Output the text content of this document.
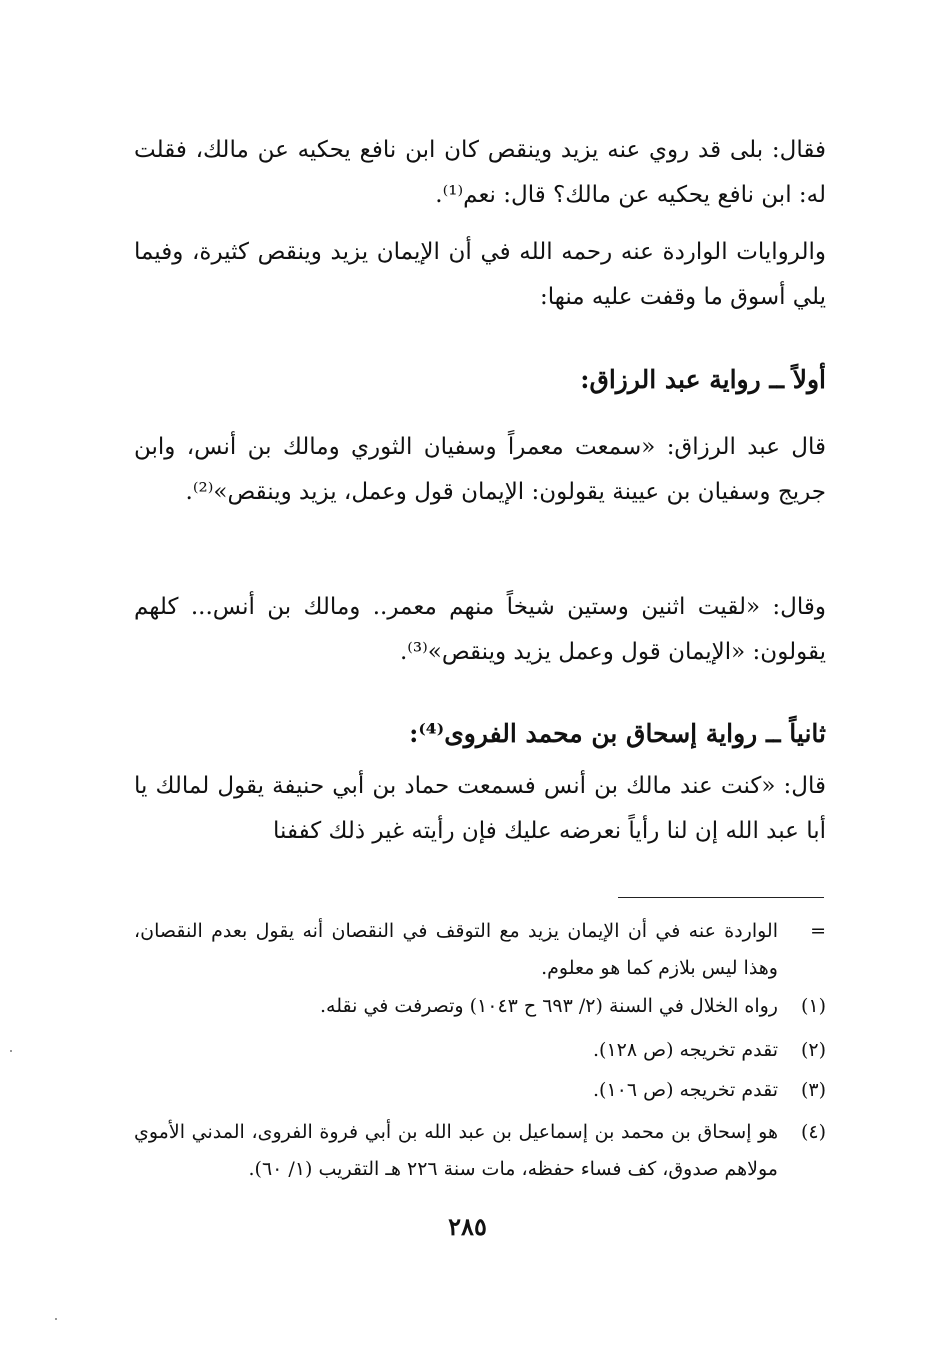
فقال: بلى قد روي عنه يزيد وينقص كان ابن نافع يحكيه عن مالك، فقلت له: ابن نافع يحكيه عن مالك؟ قال: نعم⁽¹⁾.

والروايات الواردة عنه رحمه الله في أن الإيمان يزيد وينقص كثيرة، وفيما يلي أسوق ما وقفت عليه منها:

أولاً ــ رواية عبد الرزاق:

قال عبد الرزاق: «سمعت معمراً وسفيان الثوري ومالك بن أنس، وابن جريج وسفيان بن عيينة يقولون: الإيمان قول وعمل، يزيد وينقص»⁽²⁾.

وقال: «لقيت اثنين وستين شيخاً منهم معمر.. ومالك بن أنس... كلهم يقولون: «الإيمان قول وعمل يزيد وينقص»⁽³⁾.

ثانياً ــ رواية إسحاق بن محمد الفروى⁽⁴⁾:

قال: «كنت عند مالك بن أنس فسمعت حماد بن أبي حنيفة يقول لمالك يا أبا عبد الله إن لنا رأياً نعرضه عليك فإن رأيته غير ذلك كففنا

=
الواردة عنه في أن الإيمان يزيد مع التوقف في النقصان أنه يقول بعدم النقصان، وهذا ليس بلازم كما هو معلوم.
(١)
رواه الخلال في السنة (٢/ ٦٩٣ ح ١٠٤٣) وتصرفت في نقله.
(٢)
تقدم تخريجه (ص ١٢٨).
(٣)
تقدم تخريجه (ص ١٠٦).
(٤)
هو إسحاق بن محمد بن إسماعيل بن عبد الله بن أبي فروة الفروى، المدني الأموي مولاهم صدوق، كف فساء حفظه، مات سنة ٢٢٦ هـ التقريب (١/ ٦٠).
٢٨٥
